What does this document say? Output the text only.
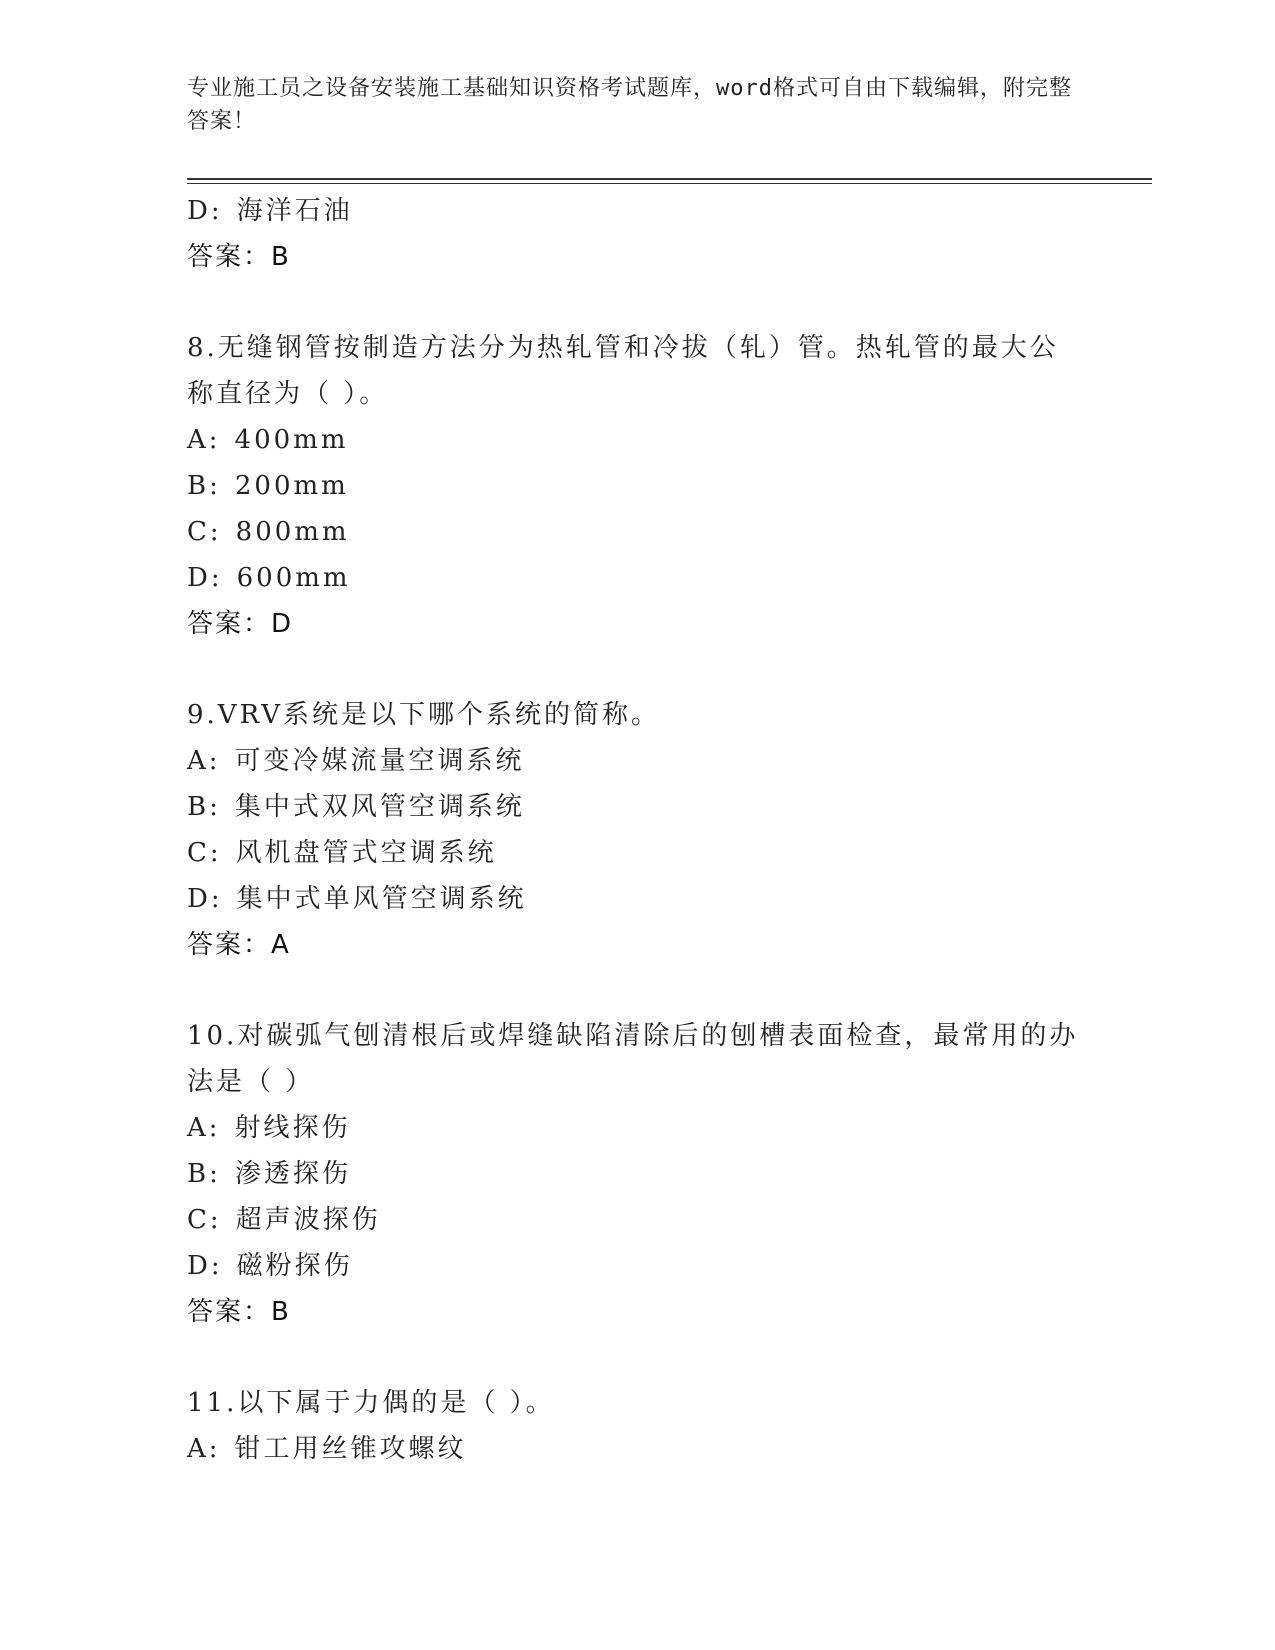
专业施工员之设备安装施工基础知识资格考试题库，word格式可自由下载编辑，附完整答案！
D: 海洋石油
答案：B
8.无缝钢管按制造方法分为热轧管和冷拔（轧）管。热轧管的最大公
称直径为（ ）。
A: 400mm
B: 200mm
C: 800mm
D: 600mm
答案：D
9.VRV系统是以下哪个系统的简称。
A: 可变冷媒流量空调系统
B: 集中式双风管空调系统
C: 风机盘管式空调系统
D: 集中式单风管空调系统
答案：A
10.对碳弧气刨清根后或焊缝缺陷清除后的刨槽表面检查，最常用的办
法是（ ）
A: 射线探伤
B: 渗透探伤
C: 超声波探伤
D: 磁粉探伤
答案：B
11.以下属于力偶的是（ ）。
A: 钳工用丝锥攻螺纹
